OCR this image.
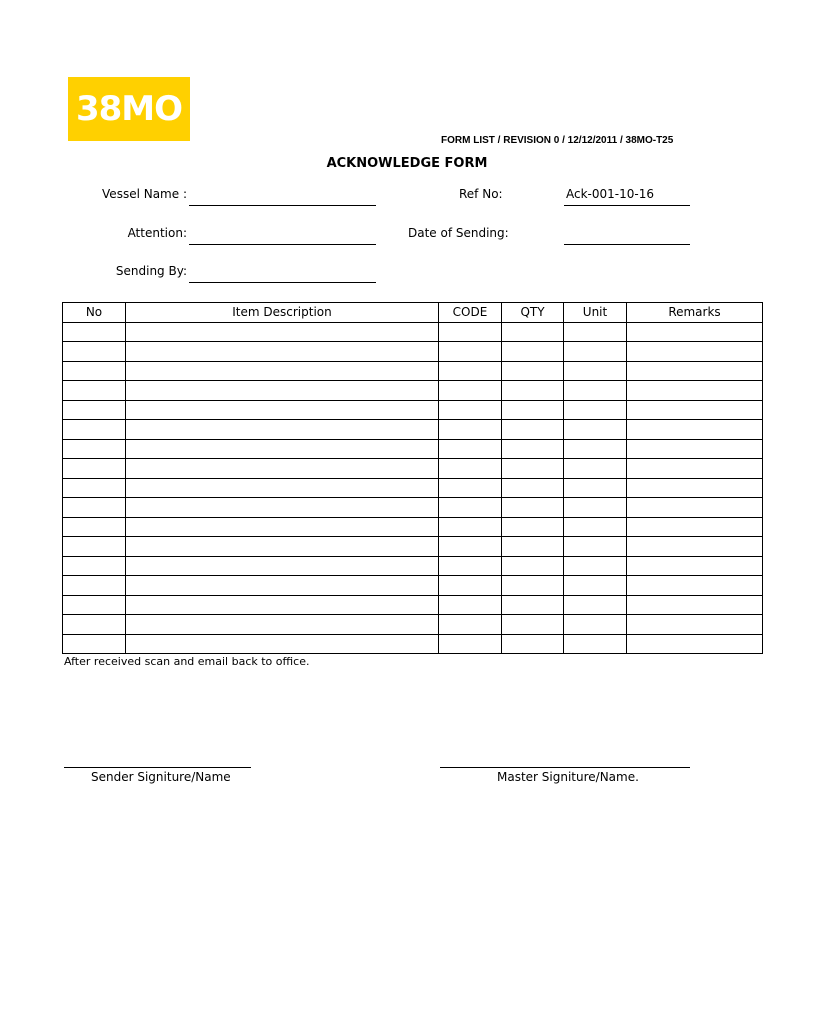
38MO
FORM LIST / REVISION 0 / 12/12/2011 / 38MO-T25
ACKNOWLEDGE FORM
Vessel Name :	Ref No:	Ack-001-10-16
Attention:	Date of Sending:
Sending By:
No	Item Description	CODE	QTY	Unit	Remarks

After received scan and email back to office.
Sender Signiture/Name	Master Signiture/Name.
